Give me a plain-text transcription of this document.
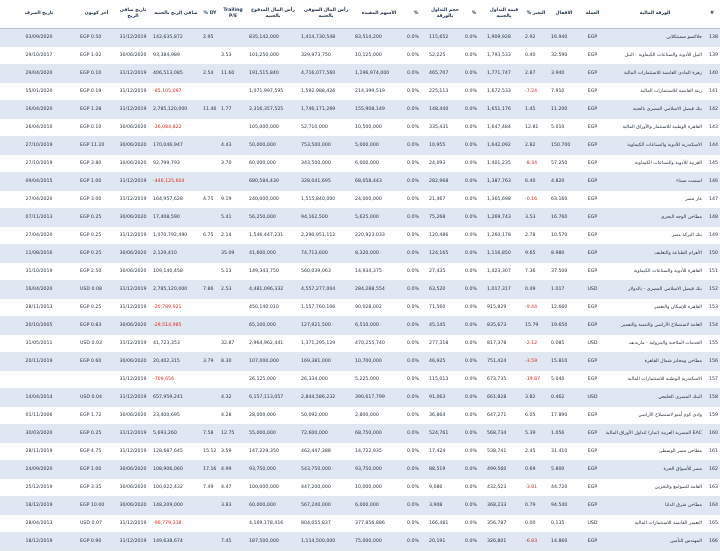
#	الورقة المالية	العملة	الاقفال	التغير %	قيمة التداول بالجنيه	%	حجم التداول بالورقة	%	الأسهم المقيدة	رأس المال السوقي بالجنيه	رأس المال المدفوع بالجنيه	Trailing P/E	DY %	صافي الربح بالجنيه	تاريخ صافي الربح	آخر كوبون	تاريخ الصرف
138	جلاكسو سميثكلاين	EGP	16.940	2.92	1,909,928	0.0%	115,652	0.0%	83,514,200	1,414,730,548	835,142,000		2.95	142,635,872	31/12/2019	EGP 0.50	03/09/2020
139	النيل للأدوية والصناعات الكيماوية - النيل	EGP	32.590	0.40	1,793,533	0.0%	52,225	0.0%	10,125,000	329,973,750	101,250,000	3.53		93,384,989	30/06/2020	EGP 1.02	29/10/2017
140	زهرة المادي القابضة للاستثمارات المالية	EGP	3.940	2.87	1,771,747	0.0%	465,707	0.0%	1,196,974,000	4,716,077,560	191,515,840	11.60	2.54	406,513,085	31/12/2019	EGP 0.10	29/04/2020
141	رتنة القابضة للاستثمارات المالية	EGP	7.910	-7.24	1,672,533	0.0%	225,113	0.0%	214,399,519	1,592,988,426	1,071,997,595			-85,105,067	31/12/2019	EGP 0.19	15/01/2020
142	بنك فيصل الاسلامي المصري بالجنيه	EGP	11.200	1.45	1,651,176	0.0%	148,440	0.0%	155,908,149	1,746,171,269	2,316,357,525	1.77	11.46	2,785,120,000	31/12/2019	EGP 1.28	16/04/2020
143	القاهرة الوطنية للاستثمار والأوراق المالية	EGP	5.010	12.81	1,647,484	0.0%	335,431	0.0%	10,500,000	52,710,000	105,000,000			-26,084,822	30/06/2020	EGP 0.10	26/04/2010
144	الاسكندرية للأدوية والصناعات الكيماوية	EGP	150.700	2.82	1,642,092	0.0%	10,955	0.0%	5,000,000	753,500,000	50,000,000	4.43		170,046,947	30/06/2020	EGP 11.20	27/10/2019
145	العربية للأدوية والصناعات الكيماوية	EGP	57.250	-8.34	1,401,235	0.0%	24,093	0.0%	6,000,000	343,500,000	60,000,000	3.70		92,799,793	30/06/2020	EGP 3.80	27/10/2019
146	اسمنت سيناء	EGP	4.820	6.40	1,387,763	0.0%	282,968	0.0%	68,058,443	328,041,695	680,584,430			-446,125,604	31/12/2019	EGP 1.00	09/04/2015
147	غاز مصر	EGP	63.160	-0.16	1,365,698	0.0%	21,467	0.0%	24,000,000	1,515,840,000	240,000,000	9.19	4.75	164,957,628	31/12/2019	EGP 3.00	27/04/2020
148	مطاحن الوجه البحري	EGP	16.760	3.53	1,269,743	0.0%	75,268	0.0%	5,625,000	94,162,500	56,250,000	5.41		17,408,590	30/06/2020	EGP 0.25	07/11/2013
149	بنك البركة مصر	EGP	10.570	2.78	1,260,178	0.0%	120,486	0.0%	220,923,033	2,290,951,112	1,546,447,231	2.14	6.75	1,070,792,490	31/12/2019	EGP 0.25	27/04/2020
150	الأهرام للطباعة والتغليف	EGP	8.980	9.65	1,116,850	0.0%	124,165	0.0%	8,320,000	74,713,600	41,600,000	35.09		2,129,410	30/06/2020	EGP 0.25	11/08/2016
151	القاهرة للأدوية والصناعات الكيماوية	EGP	37.500	7.36	1,023,307	0.0%	27,435	0.0%	14,934,375	560,039,063	149,343,750	5.13		109,140,458	30/06/2020	EGP 2.50	31/10/2019
152	بنك فيصل الاسلامي المصري - بالدولار	USD	1.017	0.49	1,017,317	0.0%	63,520	0.0%	284,288,554	4,557,277,004	4,481,096,332	2.53	7.86	2,785,120,000	31/12/2019	USD 0.08	16/04/2020
153	القاهرة للإسكان والتعمير	EGP	12.660	-9.44	915,829	0.0%	71,560	0.0%	90,028,002	1,157,760,106	450,140,010			-20,789,921	31/12/2019	EGP 0.25	28/11/2013
154	العامة لاستصلاح الأراضي والتنمية والتعمير	EGP	19.650	15.79	835,673	0.0%	45,145	0.0%	6,510,000	127,921,500	65,100,000			-29,514,985	30/06/2020	EGP 0.83	20/10/2005
155	الخدمات الملاحية والبترولية - ماريديف	USD	0.085	-2.12	817,378	0.0%	277,318	0.0%	470,255,740	1,371,295,129	2,964,962,441	32.87		41,723,353	31/12/2019	USD 0.03	31/05/2011
156	مطاحن ومخابز شمال القاهرة	EGP	15.810	-3.59	751,424	0.0%	46,925	0.0%	10,700,000	169,381,000	107,000,000	8.30	3.79	20,402,315	30/06/2020	EGP 0.60	20/11/2019
157	الاسكندرية الوطنية للاستثمارات المالية	EGP	5.040	-19.87	673,735	0.0%	115,013	0.0%	5,225,000	26,334,000	26,125,000			-709,656	31/12/2019		
158	البنك المصري الخليجي	USD	0.462	3.82	661,828	0.0%	91,063	0.0%	390,617,799	2,844,586,232	6,157,113,057	4.32		657,959,241	31/12/2019	USD 0.04	14/04/2014
159	وادي كوم أمبو لاستصلاح الأراضي	EGP	17.890	6.05	647,271	0.0%	36,864	0.0%	2,800,000	50,092,000	28,000,000	4.28		23,400,695	30/06/2020	EGP 1.72	01/11/2006
160	EAC المصرية العربية (ثمار) لتداول الأوراق المالية	EGP	1.056	5.39	568,734	0.0%	524,761	0.0%	68,750,000	72,600,000	55,000,000	12.75	7.58	5,693,260	31/12/2019	EGP 0.25	30/03/2020
161	مطاحن مصر الوسطى	EGP	31.410	2.45	538,741	0.0%	17,424	0.0%	14,722,935	462,447,388	147,229,350	3.59	15.12	128,687,645	31/12/2019	EGP 4.75	28/11/2019
162	مصر للأسواق الحرة	EGP	5.800	0.69	499,560	0.0%	88,519	0.0%	93,750,000	543,750,000	93,750,000	4.99	17.16	108,906,060	30/06/2020	EGP 1.00	24/09/2020
163	العامة للصوامع والتخزين	EGP	44.720	-3.81	432,523	0.0%	9,086	0.0%	10,000,000	447,200,000	100,000,000	4.47	7.49	100,022,432	30/06/2020	EGP 3.35	25/12/2019
164	مطاحن شرق الدلتا	EGP	94.540	0.79	368,233	0.0%	3,908	0.0%	6,000,000	567,240,000	60,000,000	3.83		148,209,000	30/06/2020	EGP 10.00	18/12/2019
165	التعمير القابضة للاستثمارات المالية	USD	0.135	0.00	356,787	0.0%	166,481	0.0%	377,856,886	804,055,837	4,169,178,416			-96,779,338	31/12/2019	USD 0.07	28/04/2013
166	المهندس للتأمين	EGP	14.860	-6.83	326,801	0.0%	20,191	0.0%	75,000,000	1,114,500,000	187,500,000	7.45		149,638,674	31/12/2019	EGP 0.90	18/12/2019
